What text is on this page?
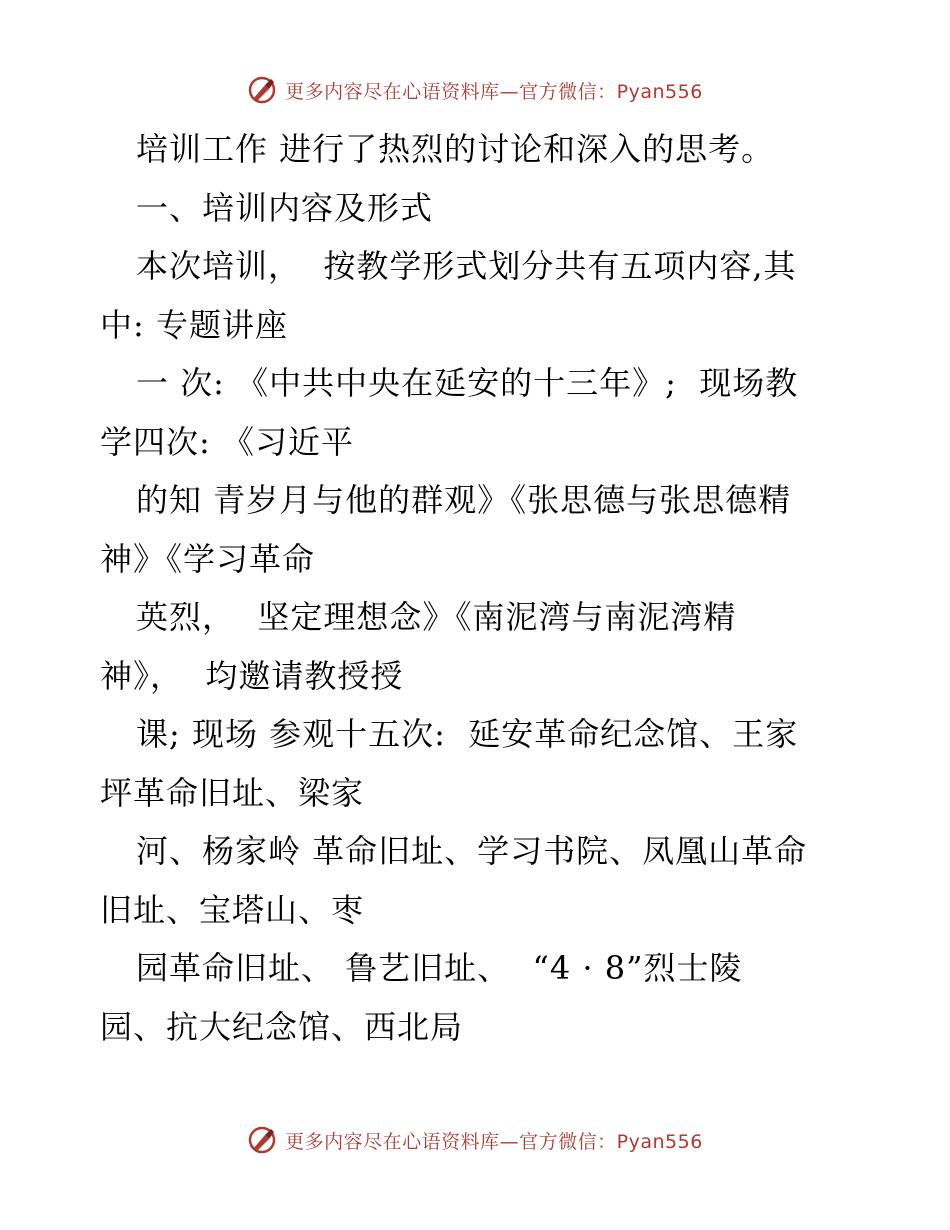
更多内容尽在心语资料库—官方微信：Pyan556
培训工作 进行了热烈的讨论和深入的思考。
一、培训内容及形式
本次培训，  按教学形式划分共有五项内容,其
中: 专题讲座
一 次: 《中共中央在延安的十三年》;  现场教
学四次: 《习近平
的知 青岁月与他的群观》《张思德与张思德精
神》《学习革命
英烈，  坚定理想念》《南泥湾与南泥湾精
神》，  均邀请教授授
课; 现场 参观十五次:  延安革命纪念馆、王家
坪革命旧址、梁家
河、杨家岭 革命旧址、学习书院、凤凰山革命
旧址、宝塔山、枣
园革命旧址、 鲁艺旧址、  “4 · 8”烈士陵
园、抗大纪念馆、西北局
更多内容尽在心语资料库—官方微信：Pyan556
